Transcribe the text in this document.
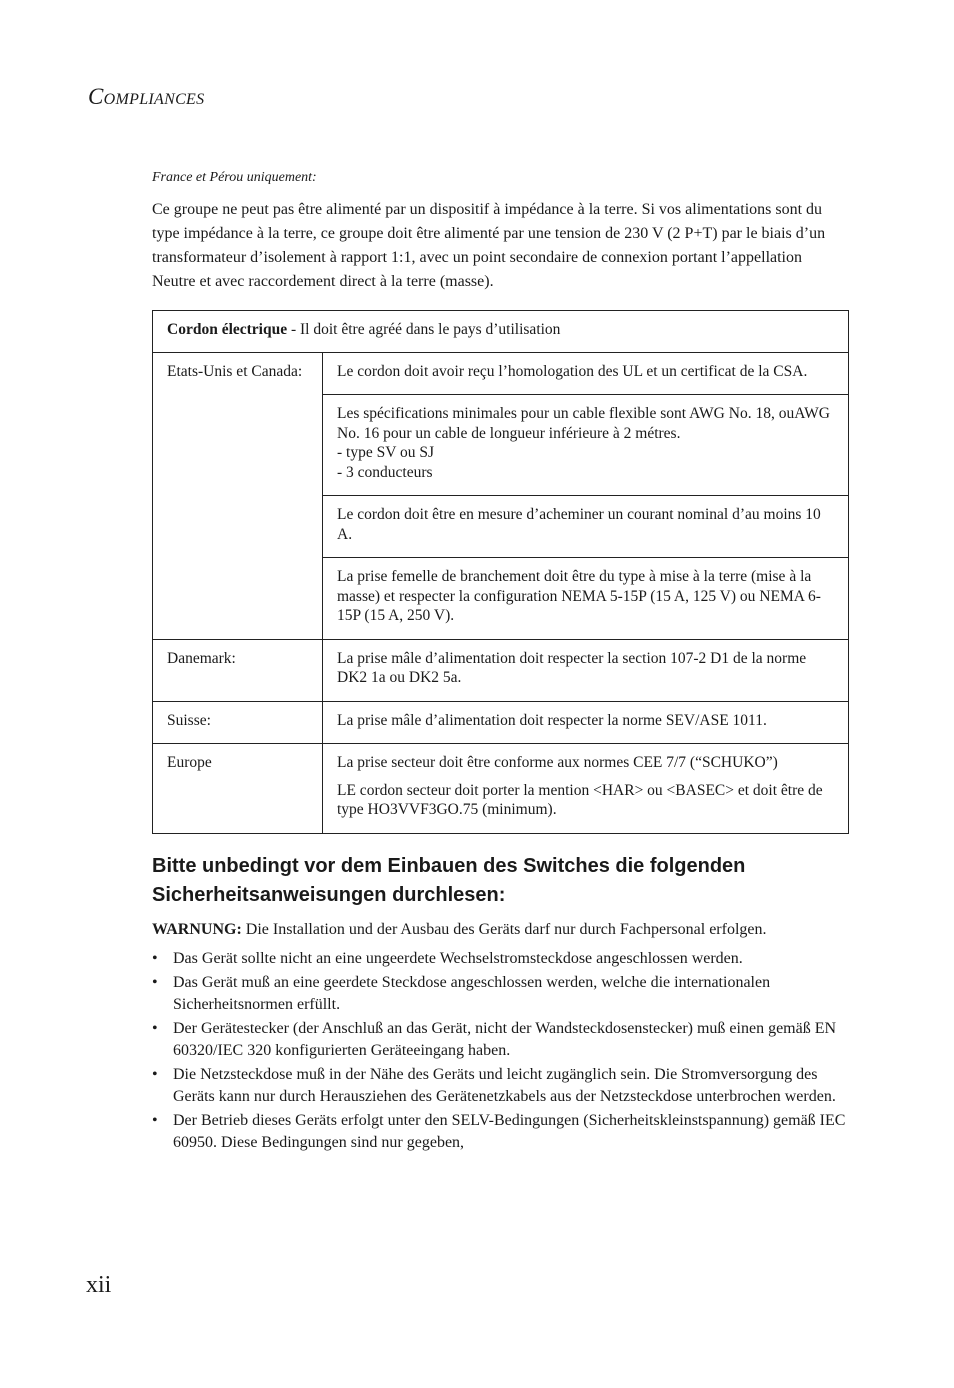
COMPLIANCES

France et Pérou uniquement:

Ce groupe ne peut pas être alimenté par un dispositif à impédance à la terre. Si vos alimentations sont du type impédance à la terre, ce groupe doit être alimenté par une tension de 230 V (2 P+T) par le biais d’un transformateur d’isolement à rapport 1:1, avec un point secondaire de connexion portant l’appellation Neutre et avec raccordement direct à la terre (masse).

Cordon électrique - Il doit être agréé dans le pays d’utilisation	
Etats-Unis et Canada:	Le cordon doit avoir reçu l’homologation des UL et un certificat de la CSA.

	Les spécifications minimales pour un cable flexible sont AWG No. 18, ouAWG No. 16 pour un cable de longueur inférieure à 2 métres.
- type SV ou SJ
- 3 conducteurs

	Le cordon doit être en mesure d’acheminer un courant nominal d’au moins 10 A.

	La prise femelle de branchement doit être du type à mise à la terre (mise à la masse) et respecter la configuration NEMA 5-15P (15 A, 125 V) ou NEMA 6-15P (15 A, 250 V).

Danemark:	La prise mâle d’alimentation doit respecter la section 107-2 D1 de la norme DK2 1a ou DK2 5a.

Suisse:	La prise mâle d’alimentation doit respecter la norme SEV/ASE 1011.

Europe	La prise secteur doit être conforme aux normes CEE 7/7 (“SCHUKO”)
LE cordon secteur doit porter la mention <HAR> ou <BASEC> et doit être de type HO3VVF3GO.75 (minimum).
Bitte unbedingt vor dem Einbauen des Switches die folgenden Sicherheitsanweisungen durchlesen:

WARNUNG: Die Installation und der Ausbau des Geräts darf nur durch Fachpersonal erfolgen.

• Das Gerät sollte nicht an eine ungeerdete Wechselstromsteckdose angeschlossen werden.
• Das Gerät muß an eine geerdete Steckdose angeschlossen werden, welche die internationalen Sicherheitsnormen erfüllt.
• Der Gerätestecker (der Anschluß an das Gerät, nicht der Wandsteckdosenstecker) muß einen gemäß EN 60320/IEC 320 konfigurierten Geräteeingang haben.
• Die Netzsteckdose muß in der Nähe des Geräts und leicht zugänglich sein. Die Stromversorgung des Geräts kann nur durch Herausziehen des Gerätenetzkabels aus der Netzsteckdose unterbrochen werden.
• Der Betrieb dieses Geräts erfolgt unter den SELV-Bedingungen (Sicherheitskleinstspannung) gemäß IEC 60950. Diese Bedingungen sind nur gegeben,
xii
